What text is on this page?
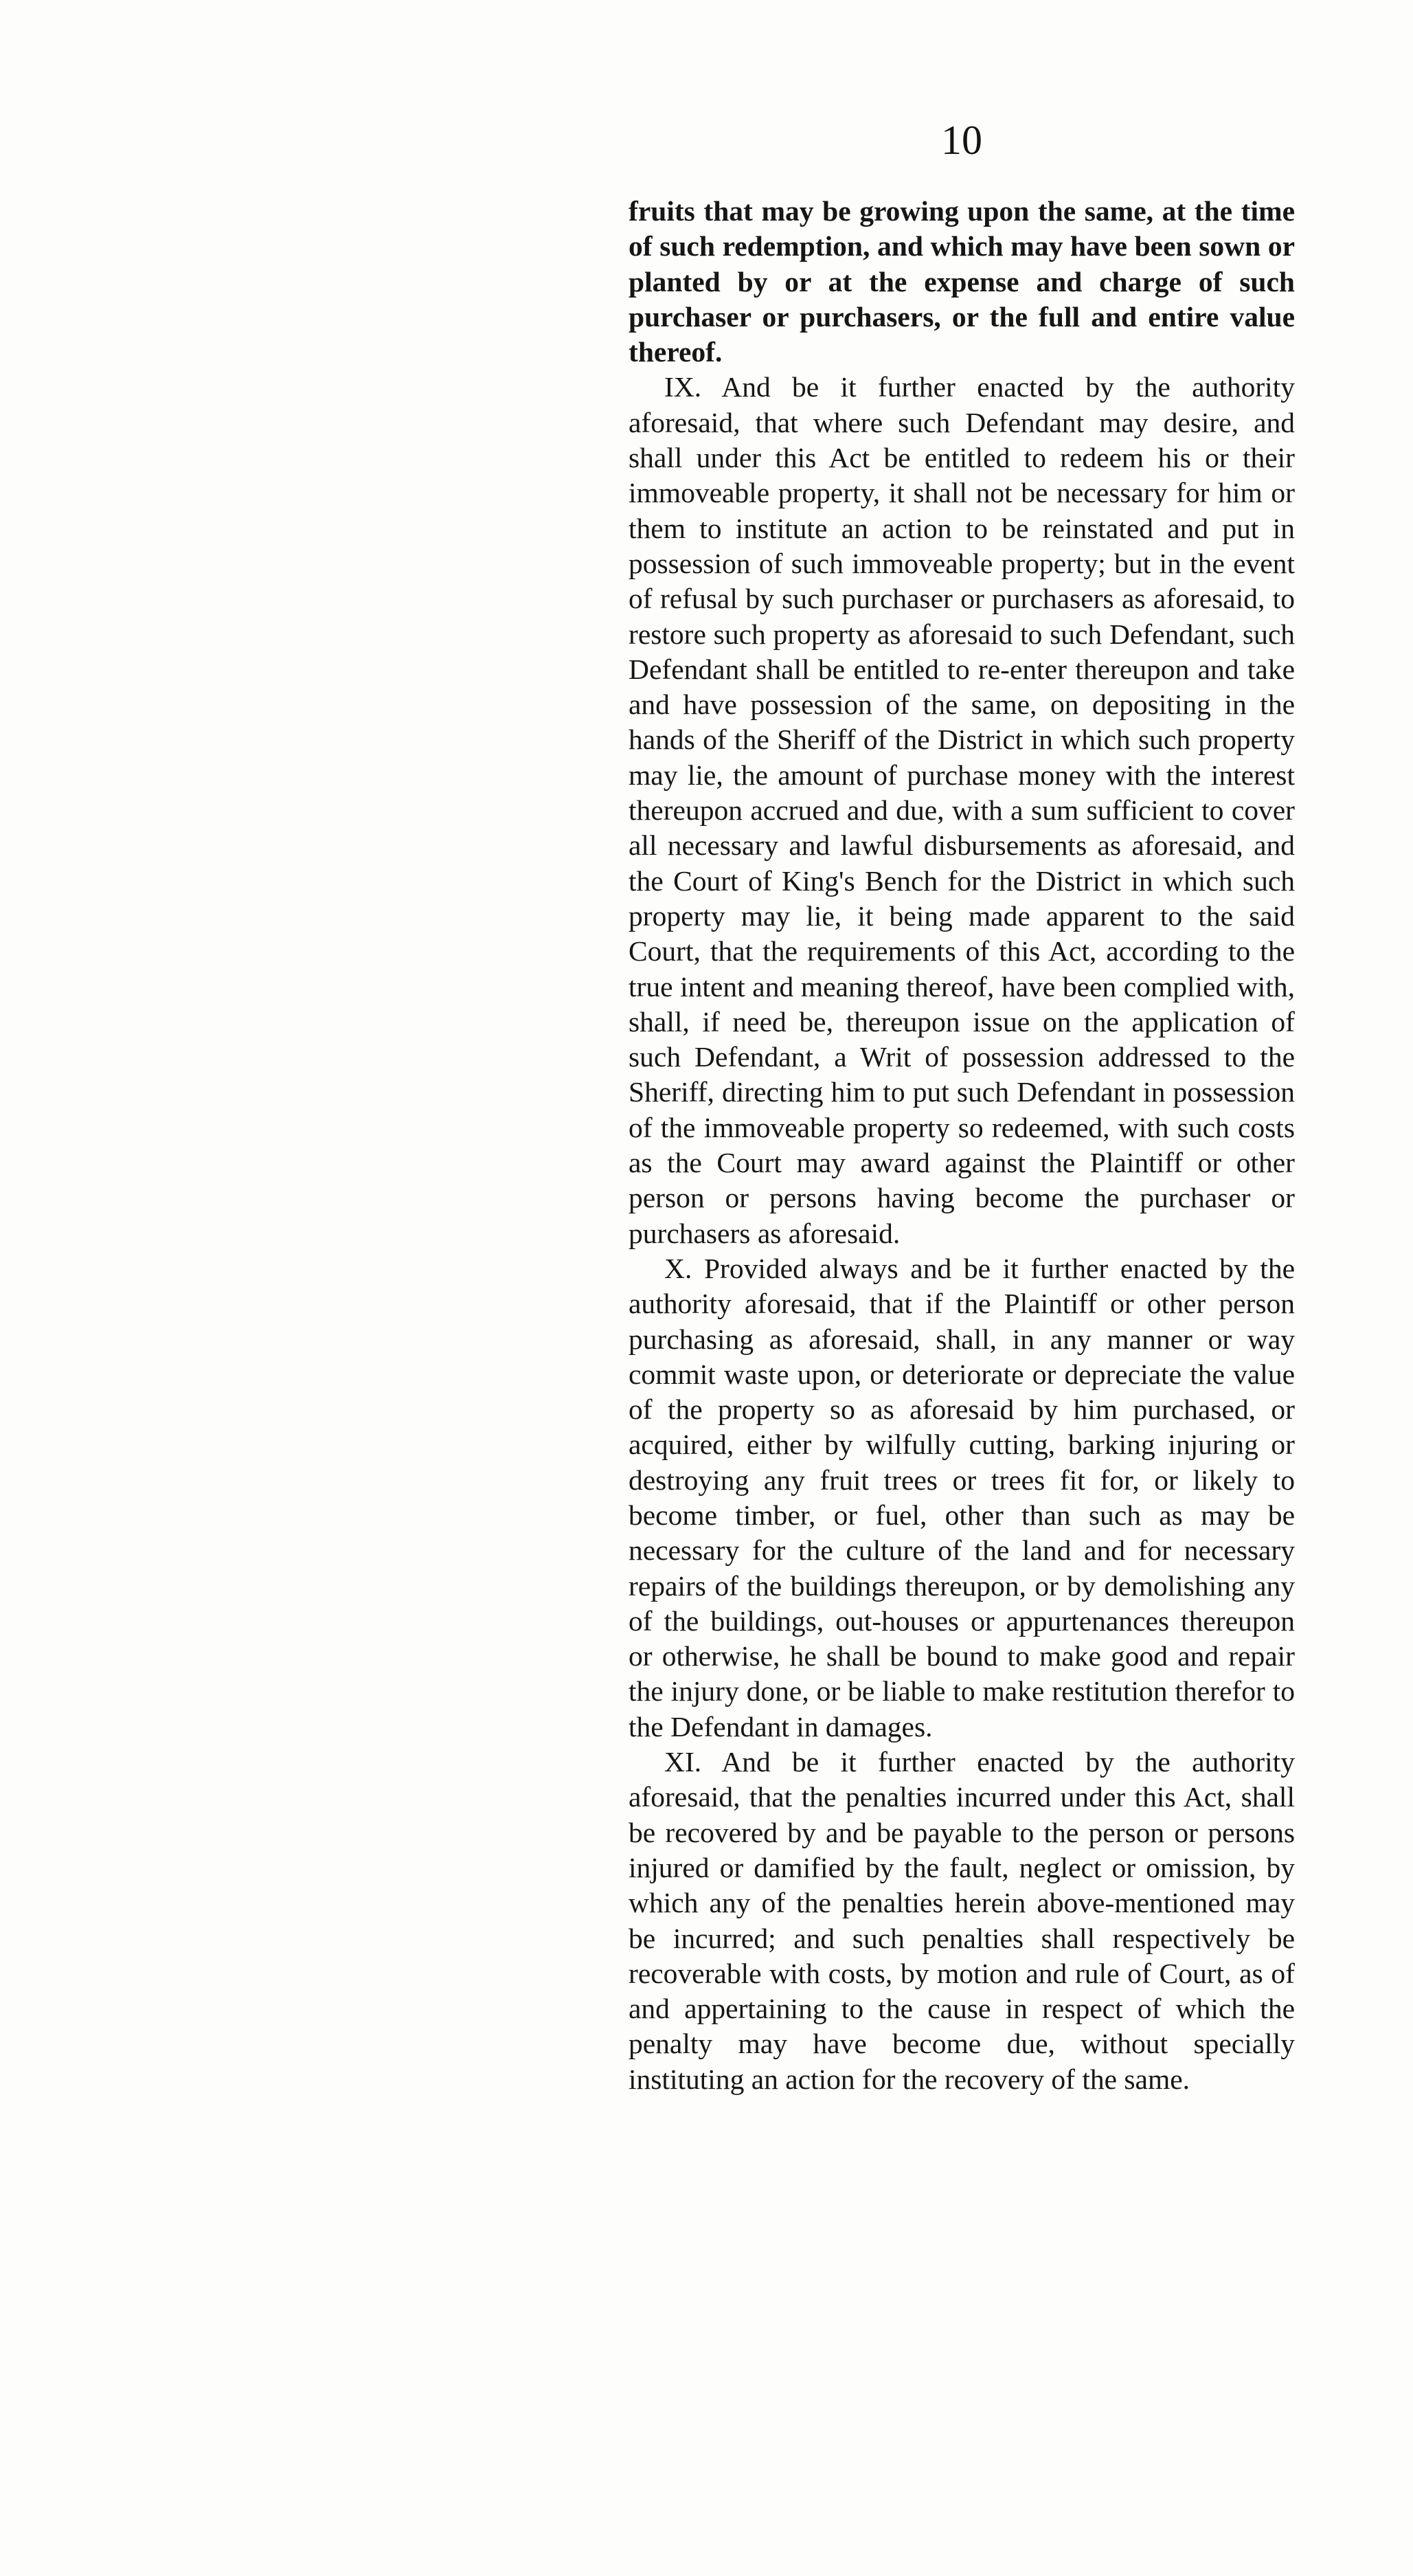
10

fruits that may be growing upon the same, at the time of such redemption, and which may have been sown or planted by or at the expense and charge of such purchaser or purchasers, or the full and entire value thereof.

IX. And be it further enacted by the authority aforesaid, that where such Defendant may desire, and shall under this Act be entitled to redeem his or their immoveable property, it shall not be necessary for him or them to institute an action to be reinstated and put in possession of such immoveable property; but in the event of refusal by such purchaser or purchasers as aforesaid, to restore such property as aforesaid to such Defendant, such Defendant shall be entitled to re-enter thereupon and take and have possession of the same, on depositing in the hands of the Sheriff of the District in which such property may lie, the amount of purchase money with the interest thereupon accrued and due, with a sum sufficient to cover all necessary and lawful disbursements as aforesaid, and the Court of King's Bench for the District in which such property may lie, it being made apparent to the said Court, that the requirements of this Act, according to the true intent and meaning thereof, have been complied with, shall, if need be, thereupon issue on the application of such Defendant, a Writ of possession addressed to the Sheriff, directing him to put such Defendant in possession of the immoveable property so redeemed, with such costs as the Court may award against the Plaintiff or other person or persons having become the purchaser or purchasers as aforesaid.

X. Provided always and be it further enacted by the authority aforesaid, that if the Plaintiff or other person purchasing as aforesaid, shall, in any manner or way commit waste upon, or deteriorate or depreciate the value of the property so as aforesaid by him purchased, or acquired, either by wilfully cutting, barking injuring or destroying any fruit trees or trees fit for, or likely to become timber, or fuel, other than such as may be necessary for the culture of the land and for necessary repairs of the buildings thereupon, or by demolishing any of the buildings, out-houses or appurtenances thereupon or otherwise, he shall be bound to make good and repair the injury done, or be liable to make restitution therefor to the Defendant in damages.

XI. And be it further enacted by the authority aforesaid, that the penalties incurred under this Act, shall be recovered by and be payable to the person or persons injured or damified by the fault, neglect or omission, by which any of the penalties herein above-mentioned may be incurred; and such penalties shall respectively be recoverable with costs, by motion and rule of Court, as of and appertaining to the cause in respect of which the penalty may have become due, without specially instituting an action for the recovery of the same.
